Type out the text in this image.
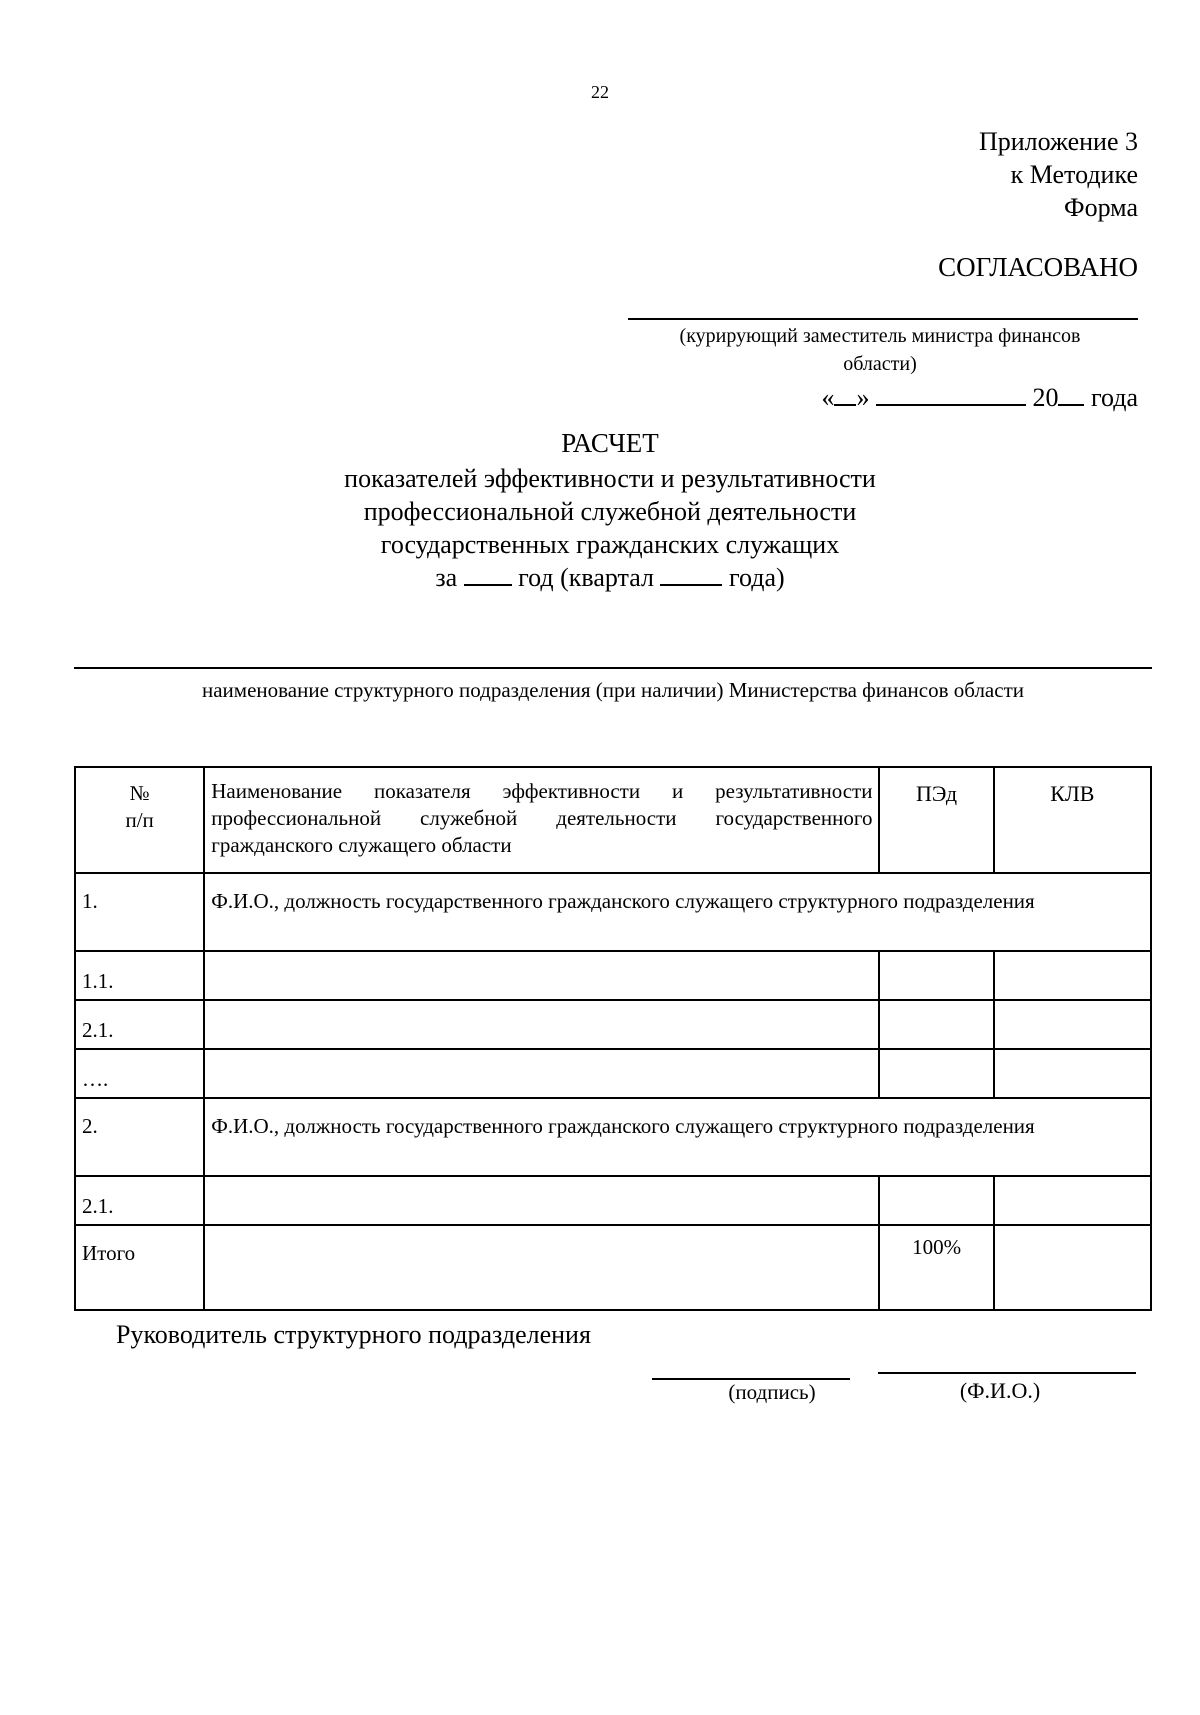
22
Приложение 3
к Методике
Форма
СОГЛАСОВАНО
(курирующий заместитель министра финансов
области)
« »	20 года
РАСЧЕТ
показателей эффективности и результативности
профессиональной служебной деятельности
государственных гражданских служащих
за год (квартал	года)
наименование структурного подразделения (при наличии) Министерства финансов области
№
п/п	Наименование показателя эффективности и результативности профессиональной служебной деятельности государственного гражданского служащего области	ПЭд	КЛВ
1.	Ф.И.О., должность государственного гражданского служащего структурного подразделения		
1.1.			
2.1.			
….			
2.	Ф.И.О., должность государственного гражданского служащего структурного подразделения		
2.1.			
Итого		100%	
Руководитель структурного подразделения
(подпись)	(Ф.И.О.)
